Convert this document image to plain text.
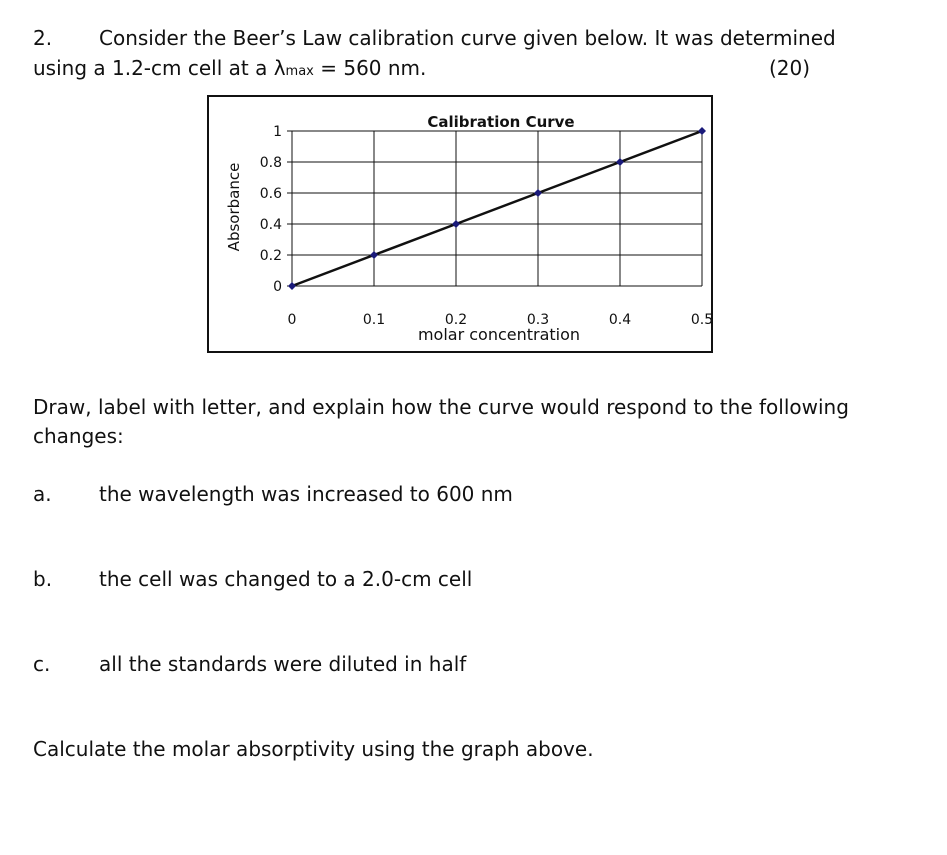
2. Consider the Beer’s Law calibration curve given below. It was determined
using a 1.2-cm cell at a λmax = 560 nm.	(20)
0
0.2
0.4
0.6
0.8
1
0	0.1	0.2	0.3	0.4	0.5
Calibration Curve
molar concentration
Absorbance
Draw, label with letter, and explain how the curve would respond to the following
changes:
a. the wavelength was increased to 600 nm
b. the cell was changed to a 2.0-cm cell
c. all the standards were diluted in half
Calculate the molar absorptivity using the graph above.
